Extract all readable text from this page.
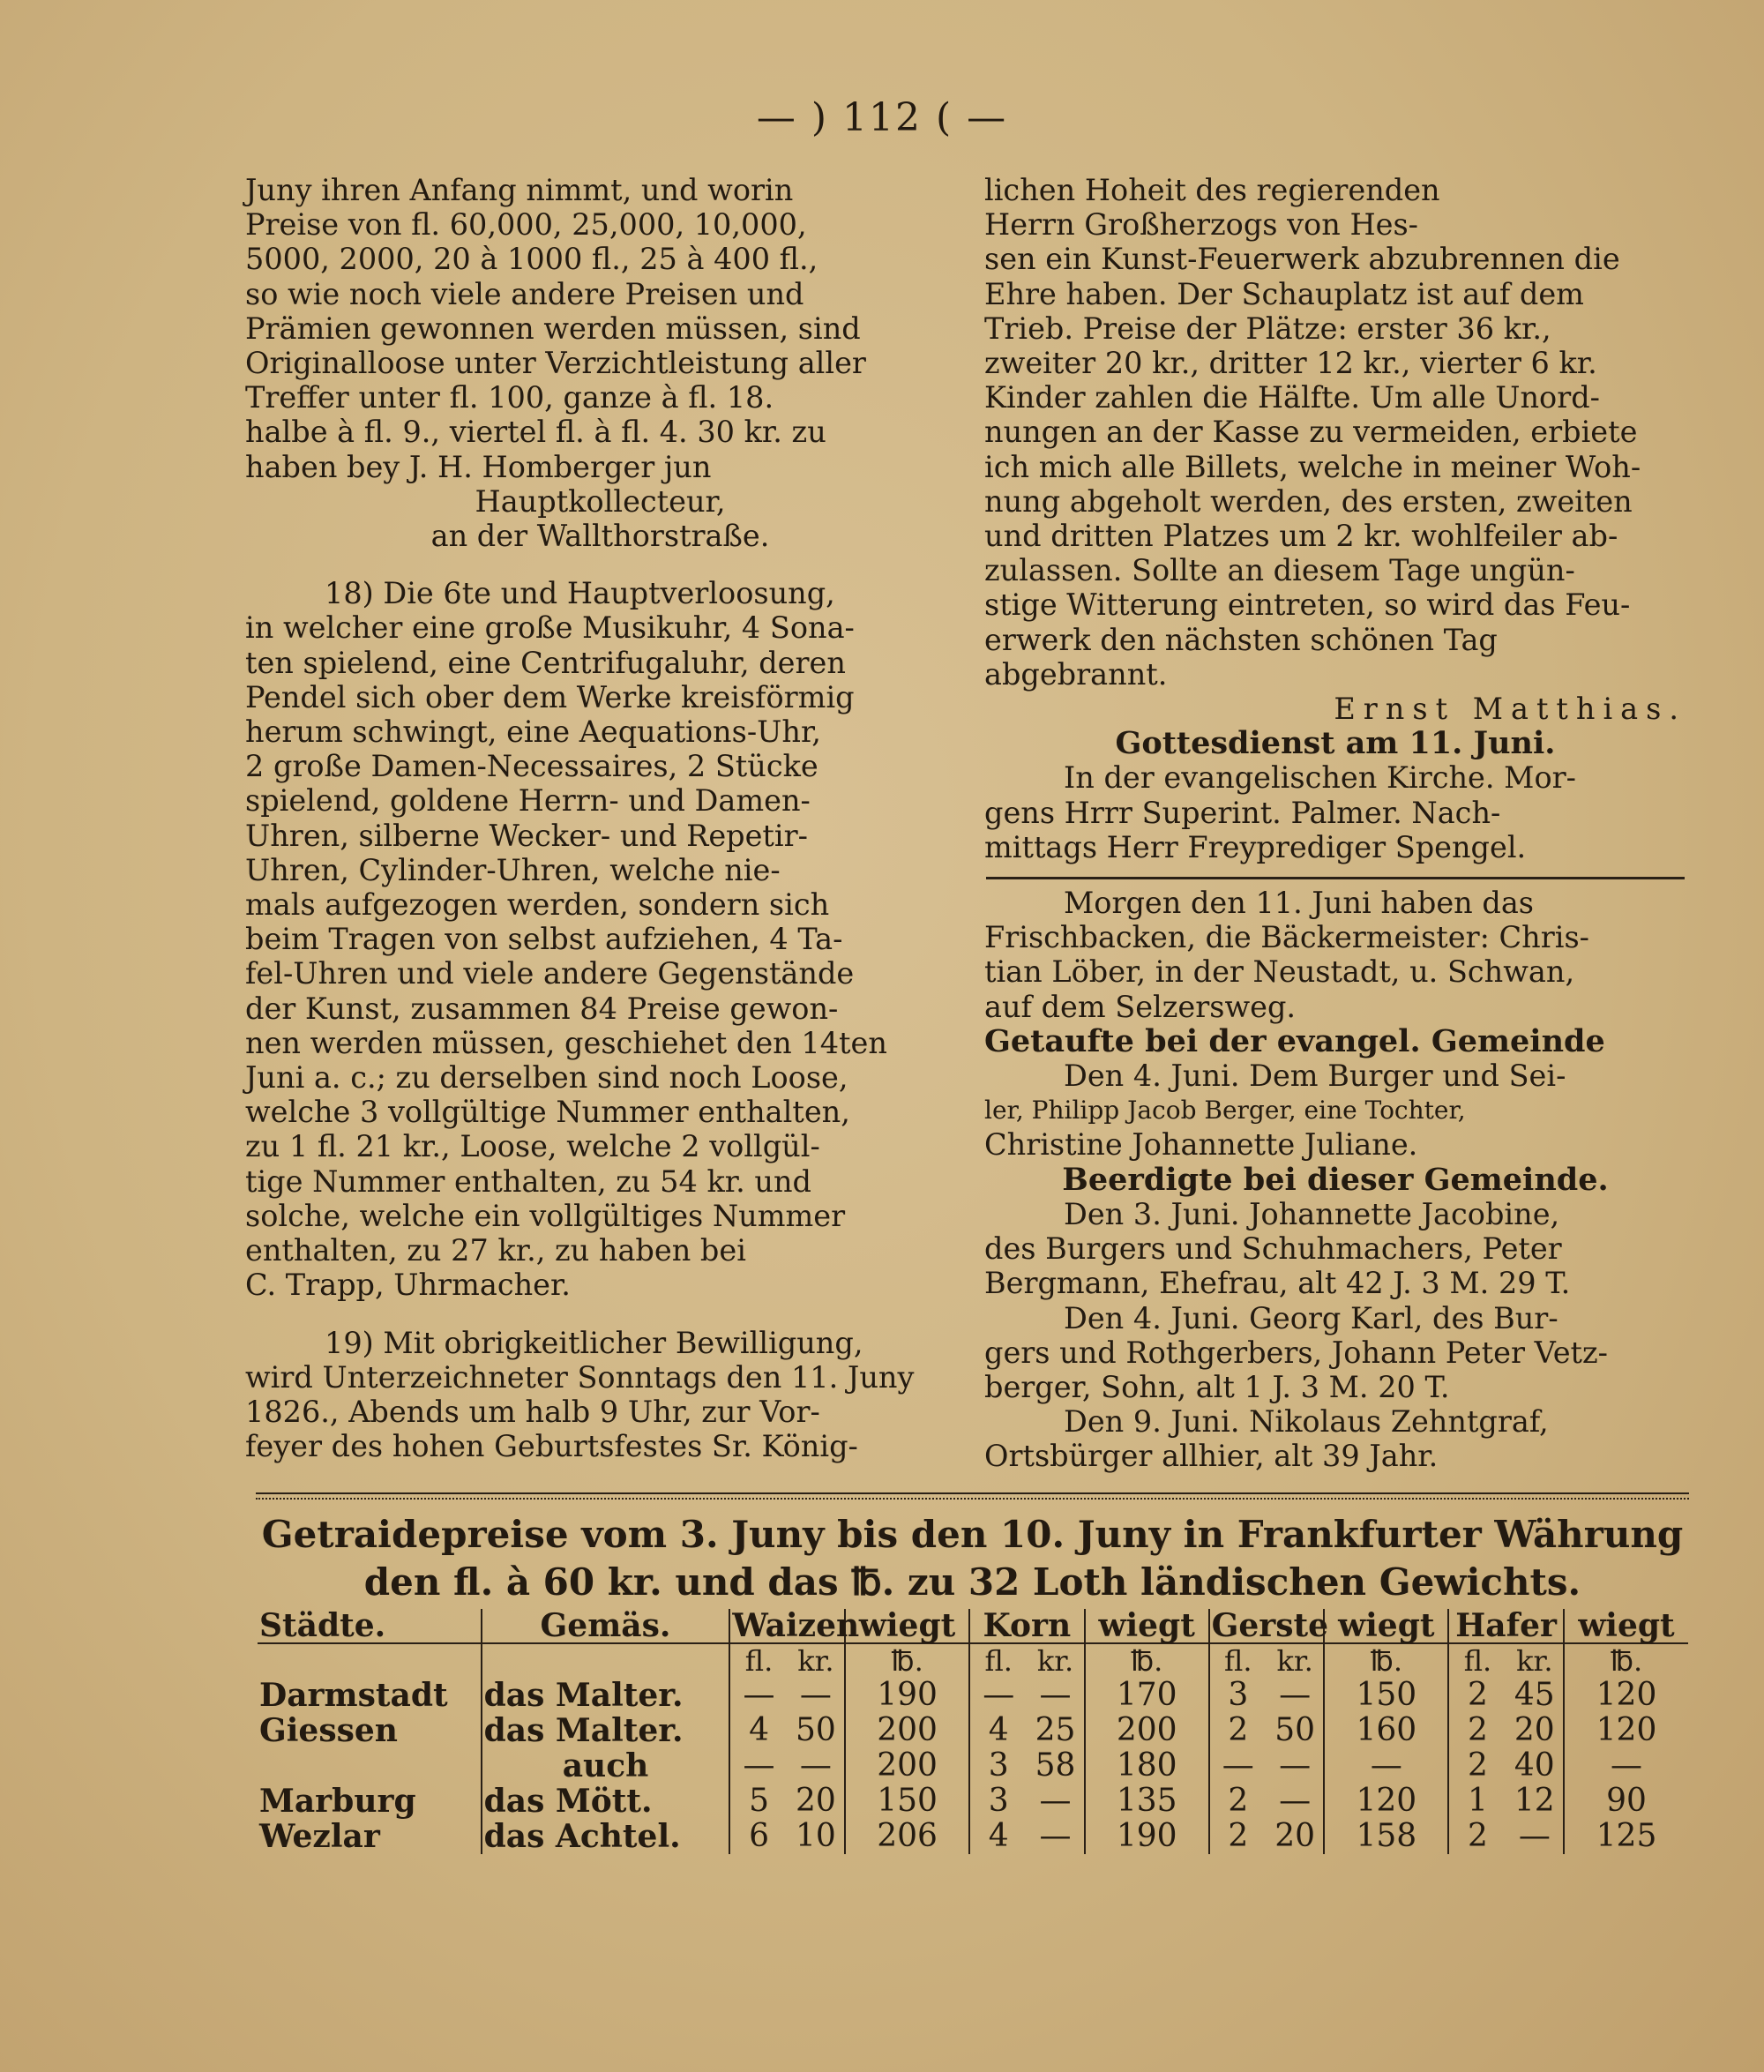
— ) 112 ( —

Juny ihren Anfang nimmt, und worin

Preise von fl. 60,000, 25,000, 10,000,

5000, 2000, 20 à 1000 fl., 25 à 400 fl.,

so wie noch viele andere Preisen und

Prämien gewonnen werden müssen, sind

Originalloose unter Verzichtleistung aller

Treffer unter fl. 100, ganze à fl. 18.

halbe à fl. 9., viertel fl. à fl. 4. 30 kr. zu

haben bey J. H. Homberger jun

Hauptkollecteur,

an der Wallthorstraße.

18) Die 6te und Hauptverloosung,

in welcher eine große Musikuhr, 4 Sona-

ten spielend, eine Centrifugaluhr, deren

Pendel sich ober dem Werke kreisförmig

herum schwingt, eine Aequations-Uhr,

2 große Damen-Necessaires, 2 Stücke

spielend, goldene Herrn- und Damen-

Uhren, silberne Wecker- und Repetir-

Uhren, Cylinder-Uhren, welche nie-

mals aufgezogen werden, sondern sich

beim Tragen von selbst aufziehen, 4 Ta-

fel-Uhren und viele andere Gegenstände

der Kunst, zusammen 84 Preise gewon-

nen werden müssen, geschiehet den 14ten

Juni a. c.; zu derselben sind noch Loose,

welche 3 vollgültige Nummer enthalten,

zu 1 fl. 21 kr., Loose, welche 2 vollgül-

tige Nummer enthalten, zu 54 kr. und

solche, welche ein vollgültiges Nummer

enthalten, zu 27 kr., zu haben bei

C. Trapp, Uhrmacher.

19) Mit obrigkeitlicher Bewilligung,

wird Unterzeichneter Sonntags den 11. Juny

1826., Abends um halb 9 Uhr, zur Vor-

feyer des hohen Geburtsfestes Sr. König-

lichen Hoheit des regierenden

Herrn Großherzogs von Hes-

sen ein Kunst-Feuerwerk abzubrennen die

Ehre haben. Der Schauplatz ist auf dem

Trieb. Preise der Plätze: erster 36 kr.,

zweiter 20 kr., dritter 12 kr., vierter 6 kr.

Kinder zahlen die Hälfte. Um alle Unord-

nungen an der Kasse zu vermeiden, erbiete

ich mich alle Billets, welche in meiner Woh-

nung abgeholt werden, des ersten, zweiten

und dritten Platzes um 2 kr. wohlfeiler ab-

zulassen. Sollte an diesem Tage ungün-

stige Witterung eintreten, so wird das Feu-

erwerk den nächsten schönen Tag abgebrannt.

Ernst Matthias.

Gottesdienst am 11. Juni.

In der evangelischen Kirche. Mor-

gens Hrrr Superint. Palmer. Nach-

mittags Herr Freyprediger Spengel.

Morgen den 11. Juni haben das

Frischbacken, die Bäckermeister: Chris-

tian Löber, in der Neustadt, u. Schwan,

auf dem Selzersweg.

Getaufte bei der evangel. Gemeinde

Den 4. Juni. Dem Burger und Sei-

ler, Philipp Jacob Berger, eine Tochter,

Christine Johannette Juliane.

Beerdigte bei dieser Gemeinde.

Den 3. Juni. Johannette Jacobine,

des Burgers und Schuhmachers, Peter

Bergmann, Ehefrau, alt 42 J. 3 M. 29 T.

Den 4. Juni. Georg Karl, des Bur-

gers und Rothgerbers, Johann Peter Vetz-

berger, Sohn, alt 1 J. 3 M. 20 T.

Den 9. Juni. Nikolaus Zehntgraf,

Ortsbürger allhier, alt 39 Jahr.

Getraidepreise vom 3. Juny bis den 10. Juny in Frankfurter Währung
den fl. à 60 kr. und das ℔. zu 32 Loth ländischen Gewichts.
Städte.	Gemäs.	Waizen		wiegt	Korn		wiegt	Gerste		wiegt	Hafer		wiegt
		fl.	kr.	℔.	fl.	kr.	℔.	fl.	kr.	℔.	fl.	kr.	℔.
Darmstadt	das Malter.	—	—	190	—	—	170	3	—	150	2	45	120
Giessen	das Malter.	4	50	200	4	25	200	2	50	160	2	20	120
	auch	—	—	200	3	58	180	—	—	—	2	40	—
Marburg	das Mött.	5	20	150	3	—	135	2	—	120	1	12	90
Wezlar	das Achtel.	6	10	206	4	—	190	2	20	158	2	—	125
